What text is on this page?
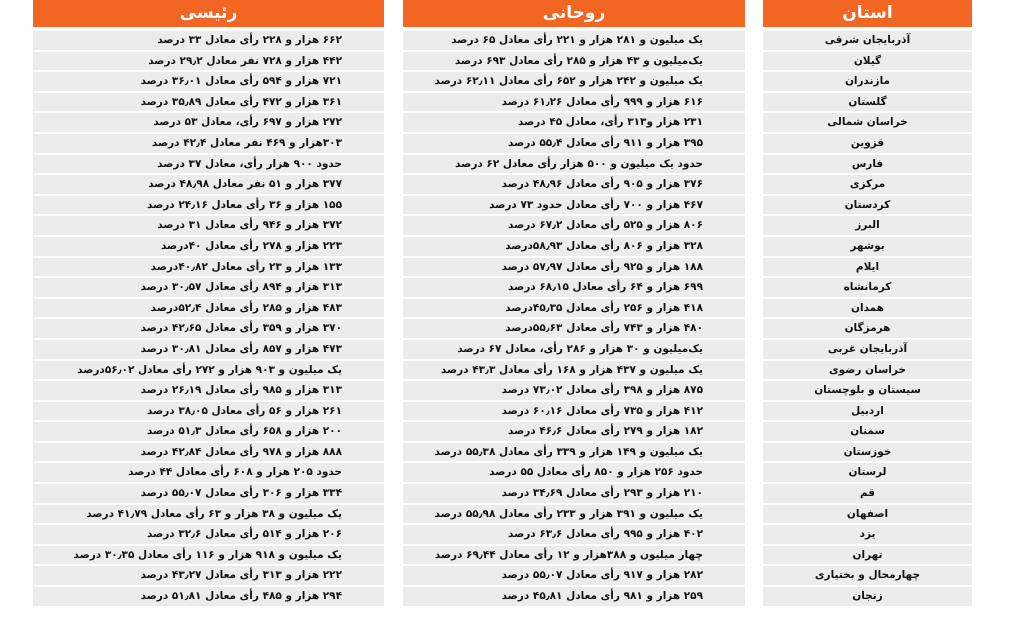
رئیسی
۶۶۲ هزار و ۲۲۸ رأی معادل ۳۳ درصد
۴۴۲ هزار و ۷۲۸ نفر معادل ۲۹٫۲ درصد
۷۲۱ هزار و ۵۹۴ رأی معادل ۳۶٫۰۱ درصد
۳۶۱ هزار و ۴۷۲ رأی معادل ۳۵٫۸۹ درصد
۲۷۲ هزار و ۶۹۷ رأی، معادل ۵۳ درصد
۳۰۳هزار و ۴۶۹ نفر معادل ۴۲٫۴ درصد
حدود ۹۰۰ هزار رأی، معادل ۳۷ درصد
۳۷۷ هزار و ۵۱ نفر معادل ۴۸٫۹۸ درصد
۱۵۵ هزار و ۳۶ رأی معادل ۲۴٫۱۶ درصد
۳۷۲ هزار و ۹۴۶ رأی معادل ۳۱ درصد
۲۲۳ هزار و ۲۷۸ رأی معادل ۴۰درصد
۱۳۳ هزار و ۲۳ رأی معادل ۴۰٫۸۲درصد
۳۱۳ هزار و ۸۹۴ رأی معادل ۳۰٫۵۷ درصد
۴۸۳ هزار و ۲۸۵ رأی معادل ۵۲٫۴درصد
۳۷۰ هزار و ۳۵۹ رأی معادل ۴۲٫۶۵ درصد
۴۷۳ هزار و ۸۵۷ رأی معادل ۳۰٫۸۱ درصد
یک میلیون و ۹۰۳ هزار و ۲۷۲ رأی معادل ۵۶٫۰۲درصد
۳۱۳ هزار و ۹۸۵ رأی معادل ۲۶٫۱۹ درصد
۲۶۱ هزار و ۵۶ رأی معادل ۳۸٫۰۵ درصد
۲۰۰ هزار و ۶۵۸ رأی معادل ۵۱٫۳ درصد
۸۸۸ هزار و ۹۷۸ رأی معادل ۴۲٫۸۴ درصد
حدود ۲۰۵ هزار و ۶۰۸ رأی معادل ۴۴ درصد
۳۳۴ هزار و ۳۰۶ رأی معادل ۵۵٫۰۷ درصد
یک میلیون و ۳۸ هزار و ۶۳ رأی معادل ۴۱٫۷۹ درصد
۲۰۶ هزار و ۵۱۴ رأی معادل ۳۲٫۶ درصد
یک میلیون و ۹۱۸ هزار و ۱۱۶ رأی معادل ۳۰٫۳۵ درصد
۲۲۲ هزار و ۳۱۳ رأی معادل ۴۳٫۲۷ درصد
۲۹۴ هزار و ۴۸۵ رأی معادل ۵۱٫۸۱ درصد
روحانی
یک میلیون و ۲۸۱ هزار و ۲۲۱ رأی معادل ۶۵ درصد
یک‌میلیون و ۴۳ هزار و ۲۸۵ رأی معادل ۶۹۳ درصد
یک میلیون و ۲۴۲ هزار و ۶۵۲ رأی معادل ۶۲٫۱۱ درصد
۶۱۶ هزار و ۹۹۹ رأی معادل ۶۱٫۲۶ درصد
۲۳۱ هزار و۳۱۳ رأی، معادل ۴۵ درصد
۳۹۵ هزار و ۹۱۱ رأی معادل ۵۵٫۴ درصد
حدود یک میلیون و ۵۰۰ هزار رأی معادل ۶۲ درصد
۳۷۶ هزار و ۹۰۵ رأی معادل ۴۸٫۹۶ درصد
۴۶۷ هزار و ۷۰۰ رأی معادل حدود ۷۳ درصد
۸۰۶ هزار و ۵۲۵ رأی معادل ۶۷٫۲ درصد
۳۲۸ هزار و ۸۰۶ رأی معادل ۵۸٫۹۳درصد
۱۸۸ هزار و ۹۲۵ رأی معادل ۵۷٫۹۷ درصد
۶۹۹ هزار و ۶۴ رأی معادل ۶۸٫۱۵ درصد
۴۱۸ هزار و ۲۵۶ رأی معادل ۴۵٫۳۵درصد
۴۸۰ هزار و ۷۴۳ رأی معادل ۵۵٫۶۳درصد
یک‌میلیون و ۳۰ هزار و ۲۸۶ رأی، معادل ۶۷ درصد
یک میلیون و ۴۳۷ هزار و ۱۶۸ رأی معادل ۴۳٫۳ درصد
۸۷۵ هزار و ۳۹۸ رأی معادل ۷۳٫۰۲ درصد
۴۱۲ هزار و ۷۳۵ رأی معادل ۶۰٫۱۶ درصد
۱۸۲ هزار و ۲۷۹ رأی معادل ۴۶٫۶ درصد
یک میلیون و ۱۴۹ هزار و ۳۳۹ رأی معادل ۵۵٫۳۸ درصد
حدود ۲۵۶ هزار و ۸۵۰ رأی معادل ۵۵ درصد
۲۱۰ هزار و ۲۹۳ رأی معادل ۳۴٫۶۹ درصد
یک میلیون و ۳۹۱ هزار و ۲۳۳ رأی معادل ۵۵٫۹۸ درصد
۴۰۲ هزار و ۹۹۵ رأی معادل ۶۳٫۶ درصد
چهار میلیون و ۳۸۸هزار و ۱۲ رأی معادل ۶۹٫۴۴ درصد
۲۸۲ هزار و ۹۱۷ رأی معادل ۵۵٫۰۷ درصد
۲۵۹ هزار و ۹۸۱ رأی معادل ۴۵٫۸۱ درصد
استان
آذربایجان شرقی
گیلان
مازندران
گلستان
خراسان شمالی
قزوین
فارس
مرکزی
کردستان
البرز
بوشهر
ایلام
کرمانشاه
همدان
هرمزگان
آذربایجان غربی
خراسان رضوی
سیستان و بلوچستان
اردبیل
سمنان
خوزستان
لرستان
قم
اصفهان
یزد
تهران
چهارمحال و بختیاری
زنجان
